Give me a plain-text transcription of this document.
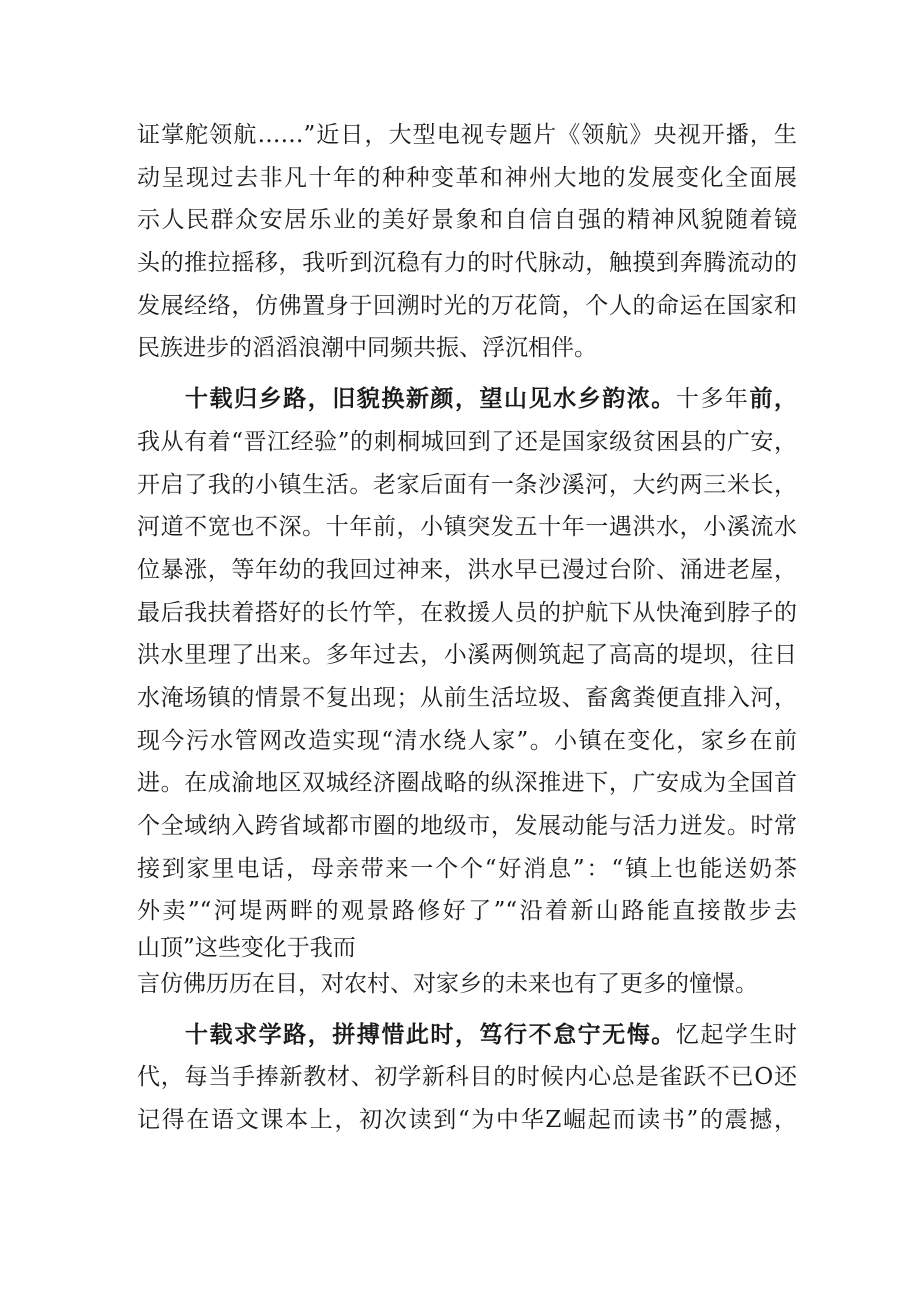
证掌舵领航……”近日，大型电视专题片《领航》央视开播，生
动呈现过去非凡十年的种种变革和神州大地的发展变化全面展
示人民群众安居乐业的美好景象和自信自强的精神风貌随着镜
头的推拉摇移，我听到沉稳有力的时代脉动，触摸到奔腾流动的
发展经络，仿佛置身于回溯时光的万花筒，个人的命运在国家和
民族进步的滔滔浪潮中同频共振、浮沉相伴。
十载归乡路，旧貌换新颜，望山见水乡韵浓。十多年前，
我从有着“晋江经验”的刺桐城回到了还是国家级贫困县的广安，
开启了我的小镇生活。老家后面有一条沙溪河，大约两三米长，
河道不宽也不深。十年前，小镇突发五十年一遇洪水，小溪流水
位暴涨，等年幼的我回过神来，洪水早已漫过台阶、涌进老屋，
最后我扶着搭好的长竹竿，在救援人员的护航下从快淹到脖子的
洪水里理了出来。多年过去，小溪两侧筑起了高高的堤坝，往日
水淹场镇的情景不复出现；从前生活垃圾、畜禽粪便直排入河，
现今污水管网改造实现“清水绕人家”。小镇在变化，家乡在前
进。在成渝地区双城经济圈战略的纵深推进下，广安成为全国首
个全域纳入跨省域都市圈的地级市，发展动能与活力迸发。时常
接到家里电话，母亲带来一个个“好消息”：“镇上也能送奶茶
外卖”“河堤两畔的观景路修好了”“沿着新山路能直接散步去
山顶”这些变化于我而
言仿佛历历在目，对农村、对家乡的未来也有了更多的憧憬。
十载求学路，拼搏惜此时，笃行不怠宁无悔。忆起学生时
代，每当手捧新教材、初学新科目的时候内心总是雀跃不已O还
记得在语文课本上，初次读到“为中华Z崛起而读书”的震撼，
